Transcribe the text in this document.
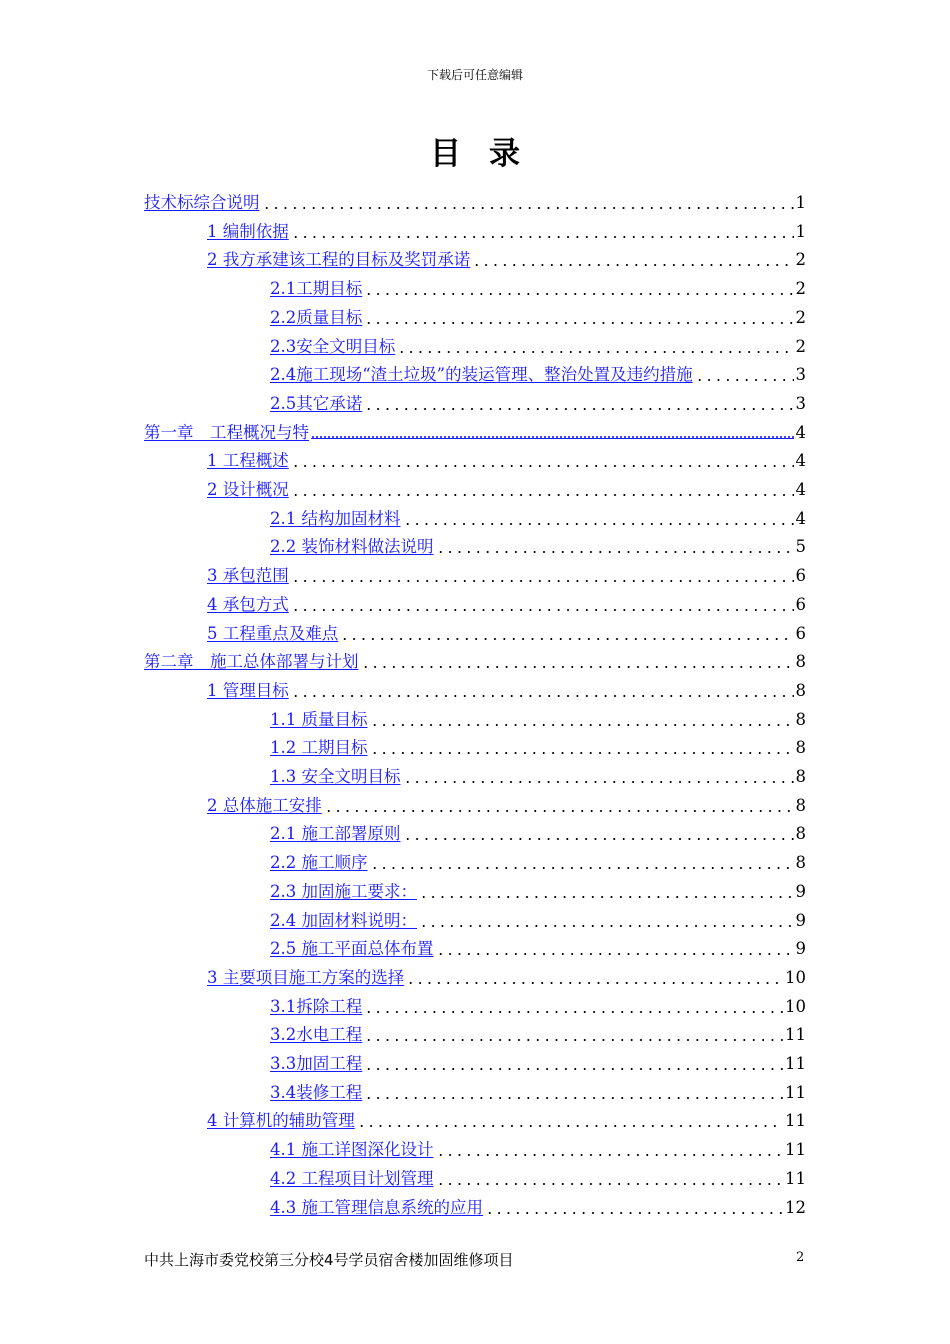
下载后可任意编辑
目录
技术标综合说明	1
1 编制依据	1
2 我方承建该工程的目标及奖罚承诺	2
2.1工期目标	2
2.2质量目标	2
2.3安全文明目标	2
2.4施工现场“渣土垃圾”的装运管理、整治处置及违约措施	3
2.5其它承诺	3
第一章　工程概况与特	4
1 工程概述	4
2 设计概况	4
2.1 结构加固材料	4
2.2 装饰材料做法说明	5
3 承包范围	6
4 承包方式	6
5 工程重点及难点	6
第二章　施工总体部署与计划	8
1 管理目标	8
1.1 质量目标	8
1.2 工期目标	8
1.3 安全文明目标	8
2 总体施工安排	8
2.1 施工部署原则	8
2.2 施工顺序	8
2.3 加固施工要求：	9
2.4 加固材料说明：	9
2.5 施工平面总体布置	9
3 主要项目施工方案的选择	10
3.1拆除工程	10
3.2水电工程	11
3.3加固工程	11
3.4装修工程	11
4 计算机的辅助管理	11
4.1 施工详图深化设计	11
4.2 工程项目计划管理	11
4.3 施工管理信息系统的应用	12
中共上海市委党校第三分校4号学员宿舍楼加固维修项目	2
